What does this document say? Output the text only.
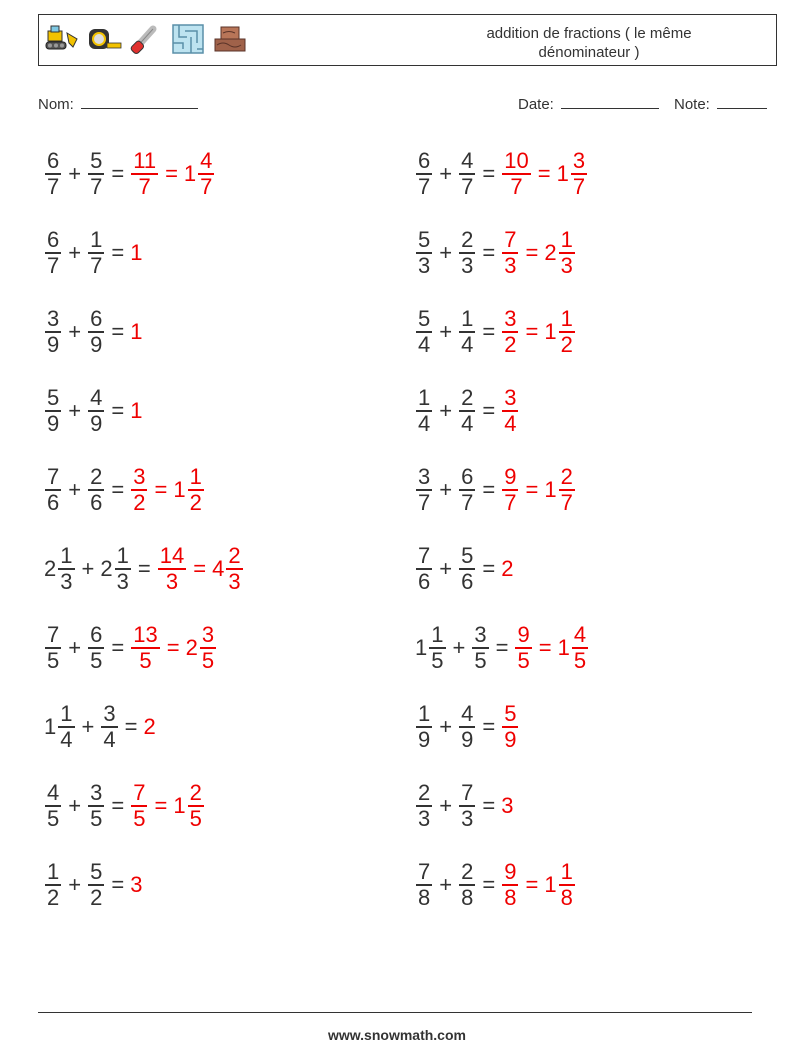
addition de fractions ( le même
dénominateur )
Nom:	Date:	Note:
$\frac{6}{7} + \frac{5}{7} = \frac{11}{7} = 1 \frac{4}{7}$
$\frac{6}{7} + \frac{1}{7} = 1$
$\frac{3}{9} + \frac{6}{9} = 1$
$\frac{5}{9} + \frac{4}{9} = 1$
$\frac{7}{6} + \frac{2}{6} = \frac{3}{2} = 1 \frac{1}{2}$
$2 \frac{1}{3} + 2 \frac{1}{3} = \frac{14}{3} = 4 \frac{2}{3}$
$\frac{7}{5} + \frac{6}{5} = \frac{13}{5} = 2 \frac{3}{5}$
$1 \frac{1}{4} + \frac{3}{4} = 2$
$\frac{4}{5} + \frac{3}{5} = \frac{7}{5} = 1 \frac{2}{5}$
$\frac{1}{2} + \frac{5}{2} = 3$
$\frac{6}{7} + \frac{4}{7} = \frac{10}{7} = 1 \frac{3}{7}$
$\frac{5}{3} + \frac{2}{3} = \frac{7}{3} = 2 \frac{1}{3}$
$\frac{5}{4} + \frac{1}{4} = \frac{3}{2} = 1 \frac{1}{2}$
$\frac{1}{4} + \frac{2}{4} = \frac{3}{4}$
$\frac{3}{7} + \frac{6}{7} = \frac{9}{7} = 1 \frac{2}{7}$
$\frac{7}{6} + \frac{5}{6} = 2$
$1 \frac{1}{5} + \frac{3}{5} = \frac{9}{5} = 1 \frac{4}{5}$
$\frac{1}{9} + \frac{4}{9} = \frac{5}{9}$
$\frac{2}{3} + \frac{7}{3} = 3$
$\frac{7}{8} + \frac{2}{8} = \frac{9}{8} = 1 \frac{1}{8}$
www.snowmath.com
